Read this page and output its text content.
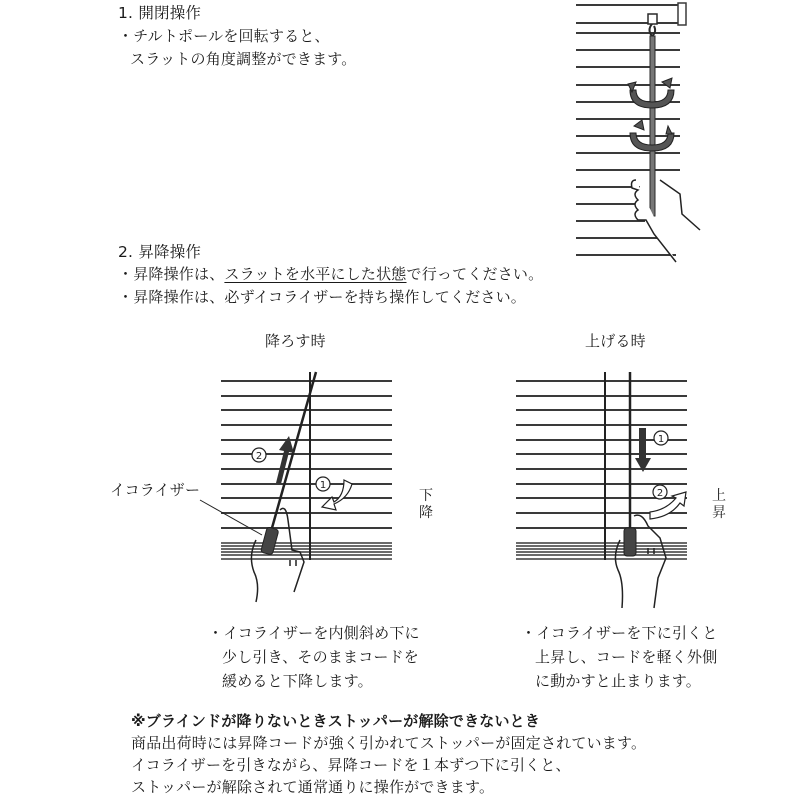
1. 開閉操作
・チルトポールを回転すると、
スラットの角度調整ができます。
2. 昇降操作
・昇降操作は、スラットを水平にした状態で行ってください。
・昇降操作は、必ずイコライザーを持ち操作してください。
降ろす時	上げる時
2
1
イコライザー	下
降
1
2	上
昇
・イコライザーを内側斜め下に
少し引き、そのままコードを
緩めると下降します。
・イコライザーを下に引くと
上昇し、コードを軽く外側
に動かすと止まります。
※ブラインドが降りないときストッパーが解除できないとき
商品出荷時には昇降コードが強く引かれてストッパーが固定されています。
イコライザーを引きながら、昇降コードを１本ずつ下に引くと、
ストッパーが解除されて通常通りに操作ができます。
